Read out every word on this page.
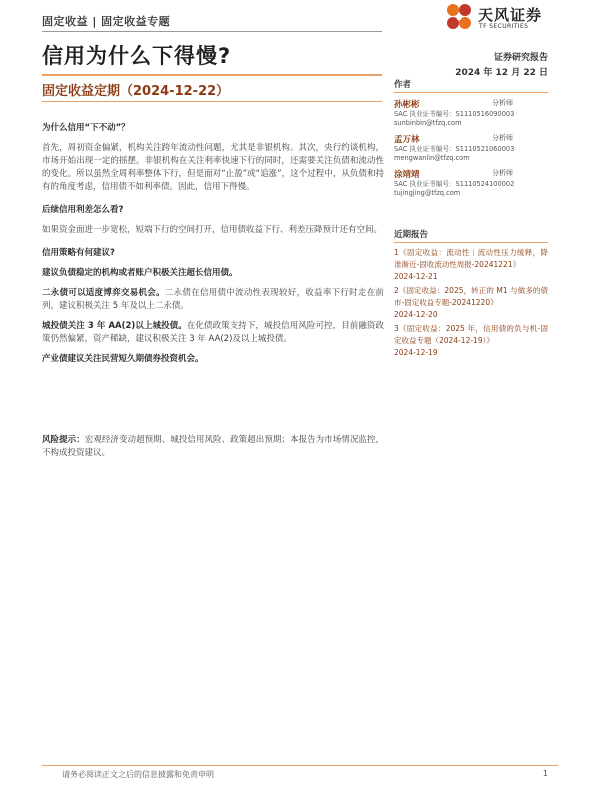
固定收益 | 固定收益专题	天风证券
TF SECURITIES
信用为什么下得慢?
固定收益定期（2024-12-22）
证券研究报告
2024 年 12 月 22 日
为什么信用“下不动”？
首先，周初资金偏紧，机构关注跨年流动性问题，尤其是非银机构。其次，央行约谈机构，市场开始出现一定的摇摆。非银机构在关注利率快速下行的同时，还需要关注负债和流动性的变化。所以虽然全周利率整体下行，但是面对“止盈”或“追涨”，这个过程中，从负债和持有的角度考虑，信用债不如利率债。因此，信用下得慢。
后续信用利差怎么看?
如果资金面进一步宽松，短端下行的空间打开，信用债收益下行、利差压降预计还有空间。
信用策略有何建议?
建议负债稳定的机构或者账户积极关注超长信用债。
二永债可以适度博弈交易机会。二永债在信用债中流动性表现较好，收益率下行时走在前列，建议积极关注 5 年及以上二永债。
城投债关注 3 年 AA(2)以上城投债。在化债政策支持下，城投信用风险可控，目前融资政策仍然偏紧，资产稀缺，建议积极关注 3 年 AA(2)及以上城投债。
产业债建议关注民营短久期债券投资机会。
风险提示：宏观经济变动超预期、城投信用风险、政策超出预期；本报告为市场情况监控，不构成投资建议。
作者
孙彬彬	分析师
SAC 执业证书编号：S1110516090003
sunbinbin@tfzq.com
孟万林	分析师
SAC 执业证书编号：S1110521060003
mengwanlin@tfzq.com
涂靖靖	分析师
SAC 执业证书编号：S1110524100002
tujingjing@tfzq.com
近期报告
1《固定收益：流动性｜流动性压力缓释，降准渐近-固收流动性周报-20241221》
2024-12-21
2《固定收益：2025，转正的 M1 与做多的债市-固定收益专题-20241220》
2024-12-20
3《固定收益：2025 年，信用债的负与机-固定收益专题（2024-12-19）》
2024-12-19
请务必阅读正文之后的信息披露和免责申明	1
